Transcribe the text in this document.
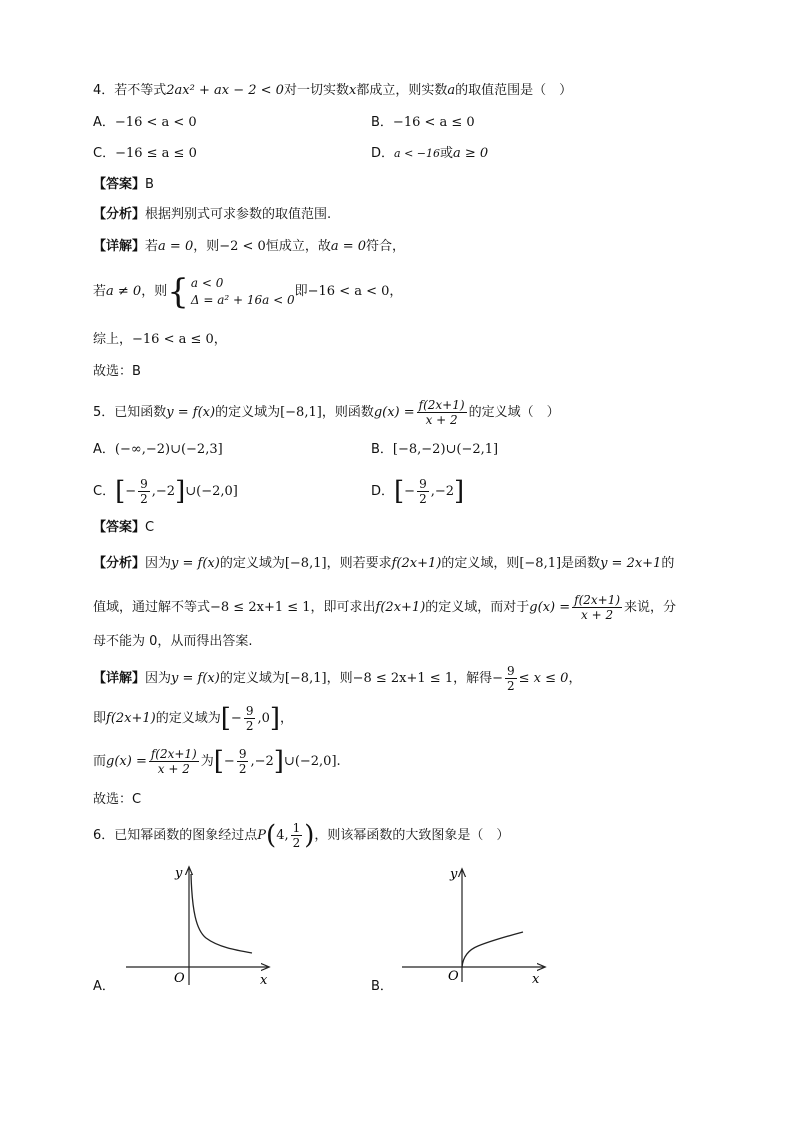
4．若不等式2ax² + ax − 2 < 0对一切实数x都成立，则实数a的取值范围是（　）
A．−16 < a < 0	B．−16 < a ≤ 0
C．−16 ≤ a ≤ 0	D．a < −16或a ≥ 0
【答案】B
【分析】根据判别式可求参数的取值范围.
【详解】若a = 0，则−2 < 0恒成立，故a = 0符合，
若a ≠ 0，则 { a < 0
Δ = a² + 16a < 0
即−16 < a < 0，
综上，−16 < a ≤ 0，
故选：B
5．已知函数y = f(x)的定义域为[−8,1]，则函数$g(x) = \frac{f(2x+1)}{x + 2}$ 的定义域（　）
A．(−∞,−2)∪(−2,3]	B．[−8,−2)∪(−2,1]
C．[− $\frac{9}{2}$ ,−2]∪(−2,0]	D．[− $\frac{9}{2} ,-2$]
【答案】C
【分析】因为y = f(x)的定义域为[−8,1]，则若要求f(2x+1)的定义域，则[−8,1]是函数y = 2x+1的
值域，通过解不等式−8 ≤ 2x+1 ≤ 1，即可求出f(2x+1)的定义域，而对于$g(x) = \frac{f(2x+1)}{x + 2}$ 来说，分
母不能为 0，从而得出答案.
【详解】因为y = f(x)的定义域为[−8,1]，则−8 ≤ 2x+1 ≤ 1，解得− $\frac{9}{2} \le x \le 0$，
即f(2x+1)的定义域为[− $\frac{9}{2} ,0$]，
而$g(x) = \frac{f(2x+1)}{x + 2}$ 为[− $\frac{9}{2}$ ,−2]∪(−2,0].
故选：C
6．已知幂函数的图象经过点P(4, $\frac{1}{2}$ )，则该幂函数的大致图象是（　）
A．
y
x
O
B．
y
x
O
